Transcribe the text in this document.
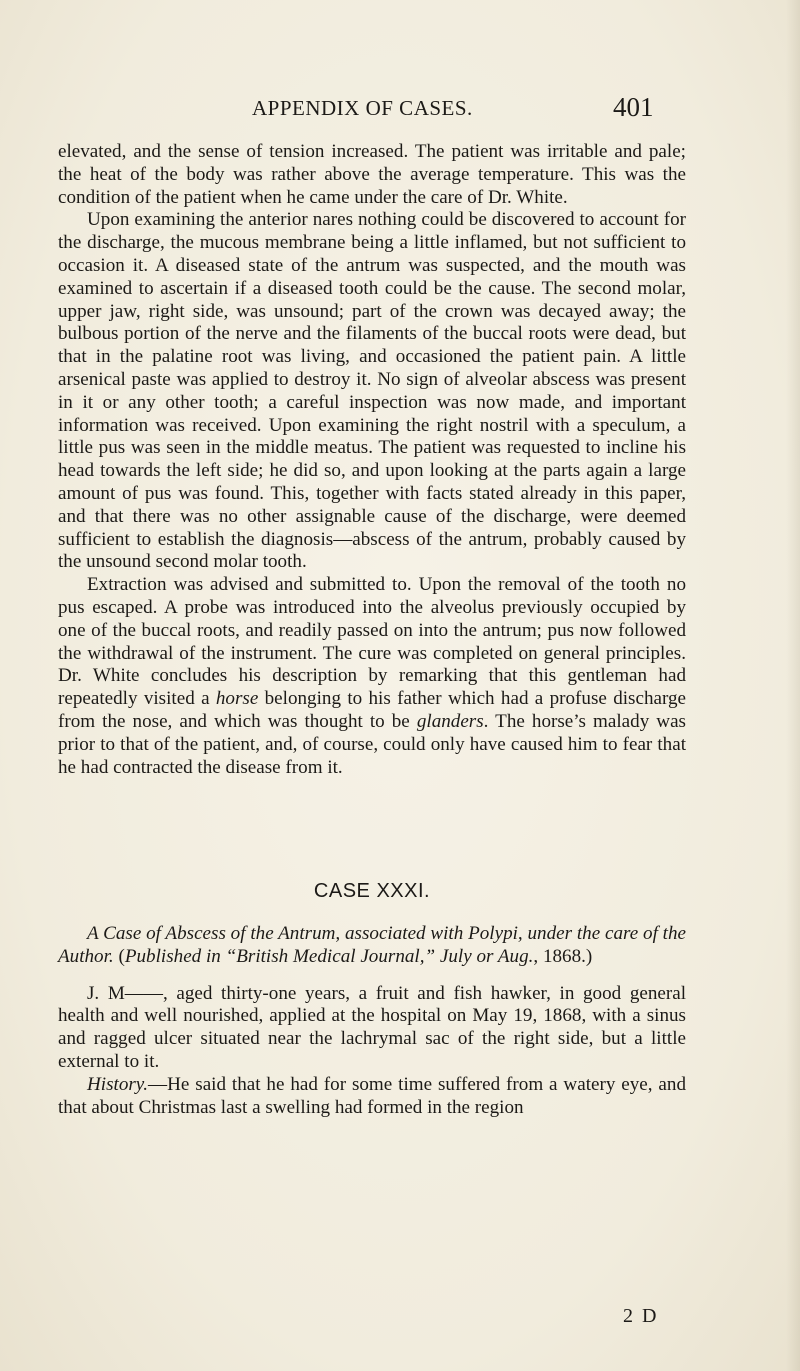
APPENDIX OF CASES.	401

elevated, and the sense of tension increased. The patient was irritable and pale; the heat of the body was rather above the average temperature. This was the condition of the patient when he came under the care of Dr. White.

Upon examining the anterior nares nothing could be discovered to account for the discharge, the mucous membrane being a little inflamed, but not sufficient to occasion it. A diseased state of the antrum was suspected, and the mouth was examined to ascertain if a diseased tooth could be the cause. The second molar, upper jaw, right side, was unsound; part of the crown was decayed away; the bulbous portion of the nerve and the filaments of the buccal roots were dead, but that in the palatine root was living, and occasioned the patient pain. A little arsenical paste was applied to destroy it. No sign of alveolar abscess was present in it or any other tooth; a careful inspection was now made, and important information was received. Upon examining the right nostril with a speculum, a little pus was seen in the middle meatus. The patient was requested to incline his head towards the left side; he did so, and upon looking at the parts again a large amount of pus was found. This, together with facts stated already in this paper, and that there was no other assignable cause of the discharge, were deemed sufficient to establish the diagnosis—abscess of the antrum, probably caused by the unsound second molar tooth.

Extraction was advised and submitted to. Upon the removal of the tooth no pus escaped. A probe was introduced into the alveolus previously occupied by one of the buccal roots, and readily passed on into the antrum; pus now followed the withdrawal of the instrument. The cure was completed on general principles. Dr. White concludes his description by remarking that this gentleman had repeatedly visited a horse belonging to his father which had a profuse discharge from the nose, and which was thought to be glanders. The horse’s malady was prior to that of the patient, and, of course, could only have caused him to fear that he had contracted the disease from it.

CASE XXXI.

A Case of Abscess of the Antrum, associated with Polypi, under the care of the Author. (Published in “British Medical Journal,” July or Aug., 1868.)

J. M——, aged thirty-one years, a fruit and fish hawker, in good general health and well nourished, applied at the hospital on May 19, 1868, with a sinus and ragged ulcer situated near the lachrymal sac of the right side, but a little external to it.

History.—He said that he had for some time suffered from a watery eye, and that about Christmas last a swelling had formed in the region

2 D
